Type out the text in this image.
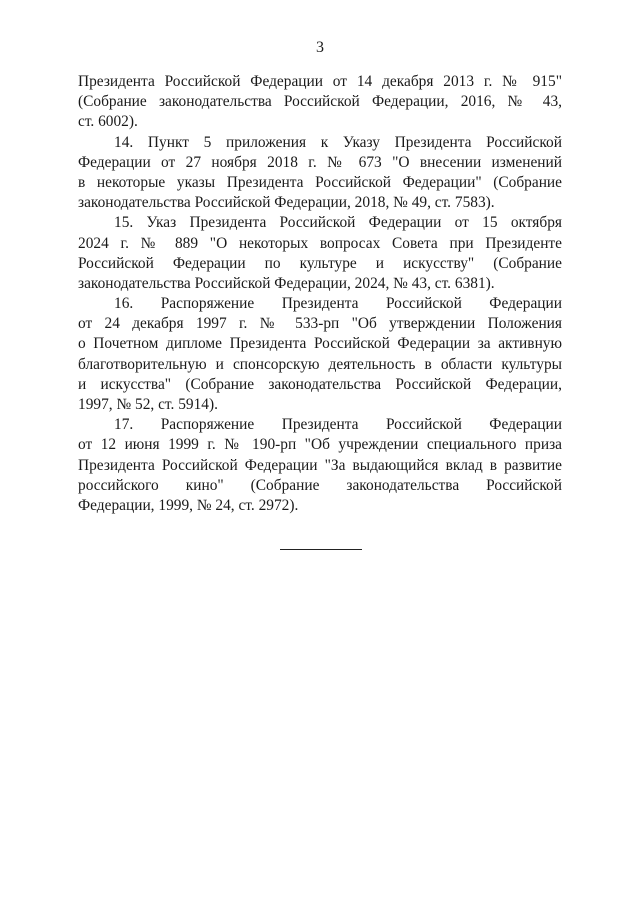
3
Президента Российской Федерации от 14 декабря 2013 г. № 915"
(Собрание законодательства Российской Федерации, 2016, № 43,
ст. 6002).
14. Пункт 5 приложения к Указу Президента Российской
Федерации от 27 ноября 2018 г. № 673 "О внесении изменений
в некоторые указы Президента Российской Федерации" (Собрание
законодательства Российской Федерации, 2018, № 49, ст. 7583).
15. Указ Президента Российской Федерации от 15 октября
2024 г. № 889 "О некоторых вопросах Совета при Президенте
Российской Федерации по культуре и искусству" (Собрание
законодательства Российской Федерации, 2024, № 43, ст. 6381).
16. Распоряжение Президента Российской Федерации
от 24 декабря 1997 г. № 533-рп "Об утверждении Положения
о Почетном дипломе Президента Российской Федерации за активную
благотворительную и спонсорскую деятельность в области культуры
и искусства" (Собрание законодательства Российской Федерации,
1997, № 52, ст. 5914).
17. Распоряжение Президента Российской Федерации
от 12 июня 1999 г. № 190-рп "Об учреждении специального приза
Президента Российской Федерации "За выдающийся вклад в развитие
российского кино" (Собрание законодательства Российской
Федерации, 1999, № 24, ст. 2972).
